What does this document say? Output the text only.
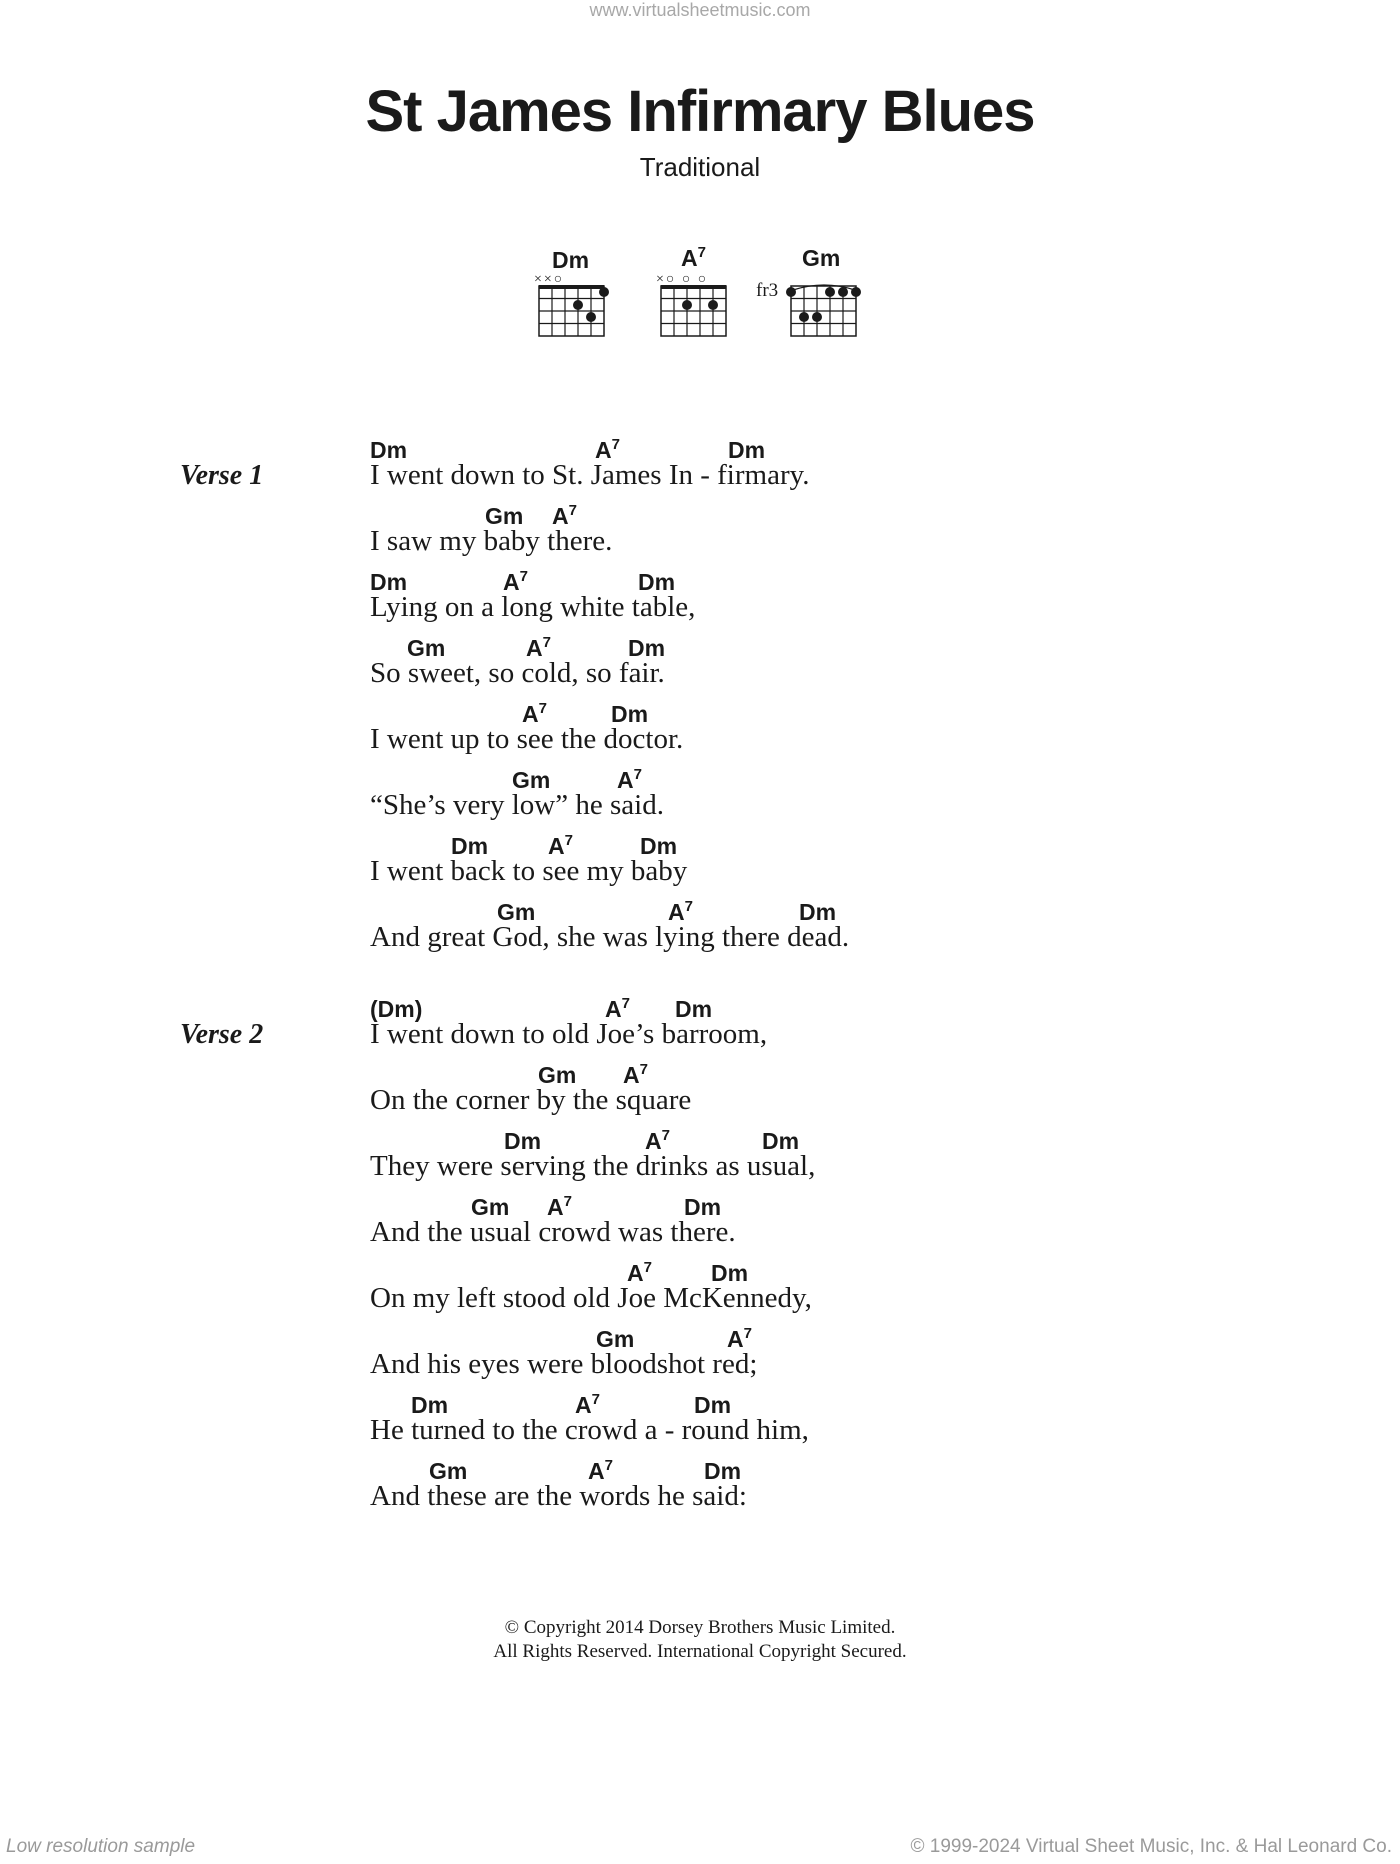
www.virtualsheetmusic.com
St James Infirmary Blues
Traditional
Dm
××○
$A^7$
×○ ○ ○
Gm
fr3
Verse 1
Dm	$A^7$	Dm
I went down to St. James In - firmary.
Gm $A^7$
I saw my baby there.
Dm	$A^7$	Dm
Lying on a long white table,
Gm	$A^7$	Dm
So sweet, so cold, so fair.
$A^7$	Dm
I went up to see the doctor.
Gm	$A^7$
“She’s very low” he said.
Dm	$A^7$	Dm
I went back to see my baby
Gm	$A^7$	Dm
And great God, she was lying there dead.
Verse 2
(Dm)	$A^7$ Dm
I went down to old Joe’s barroom,
Gm $A^7$
On the corner by the square
Dm	$A^7$	Dm
They were serving the drinks as usual,
Gm $A^7$	Dm
And the usual crowd was there.
$A^7$	Dm
On my left stood old Joe McKennedy,
Gm	$A^7$
And his eyes were bloodshot red;
Dm	$A^7$	Dm
He turned to the crowd a - round him,
Gm	$A^7$	Dm
And these are the words he said:
© Copyright 2014 Dorsey Brothers Music Limited.
All Rights Reserved. International Copyright Secured.
Low resolution sample	© 1999-2024 Virtual Sheet Music, Inc. & Hal Leonard Co.
